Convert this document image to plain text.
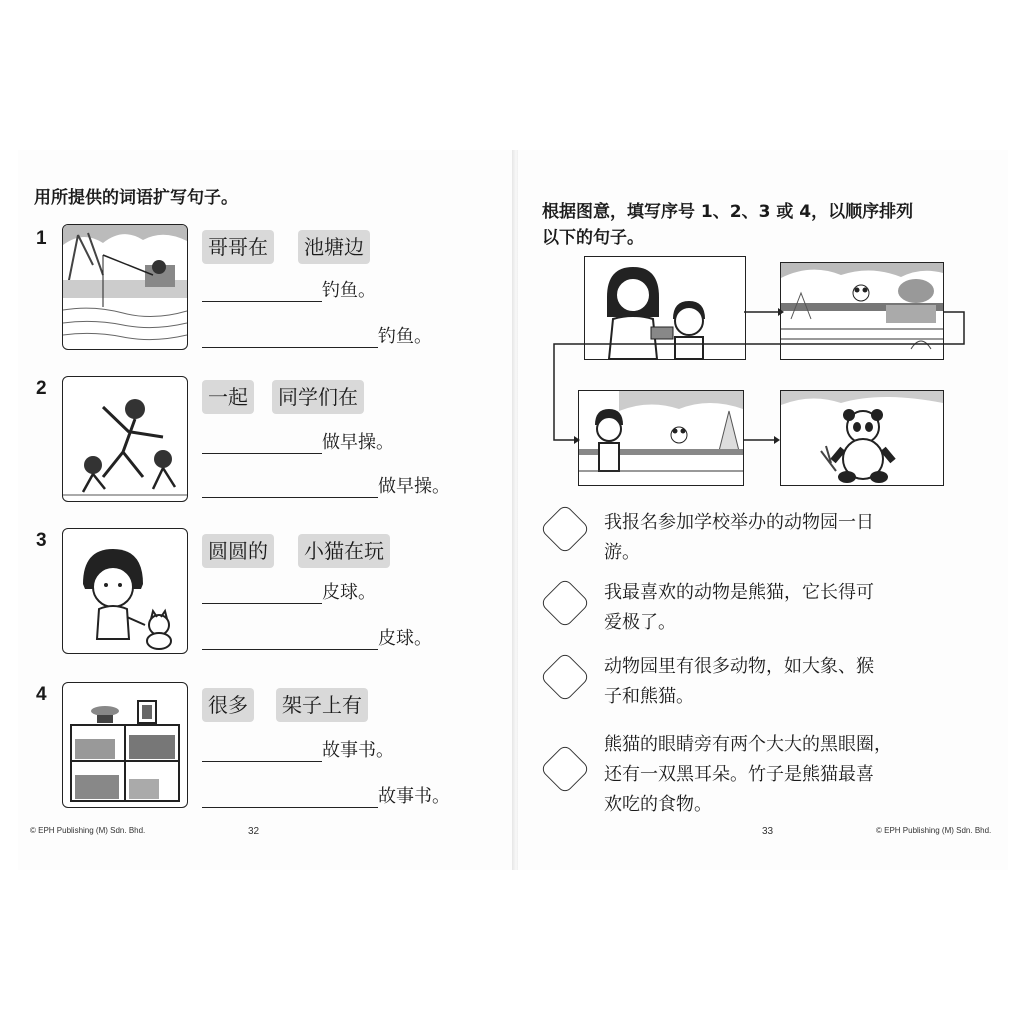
用所提供的词语扩写句子。
1	哥哥在	池塘边
钓鱼。
钓鱼。
2	一起	同学们在
做早操。
做早操。
3	圆圆的	小猫在玩
皮球。
皮球。
4	很多	架子上有
故事书。
故事书。
© EPH Publishing (M) Sdn. Bhd.	32
根据图意，填写序号 1、2、3 或 4，以顺序排列
以下的句子。
我报名参加学校举办的动物园一日
游。
我最喜欢的动物是熊猫，它长得可
爱极了。
动物园里有很多动物，如大象、猴
子和熊猫。
熊猫的眼睛旁有两个大大的黑眼圈，
还有一双黑耳朵。竹子是熊猫最喜
欢吃的食物。
33	© EPH Publishing (M) Sdn. Bhd.
